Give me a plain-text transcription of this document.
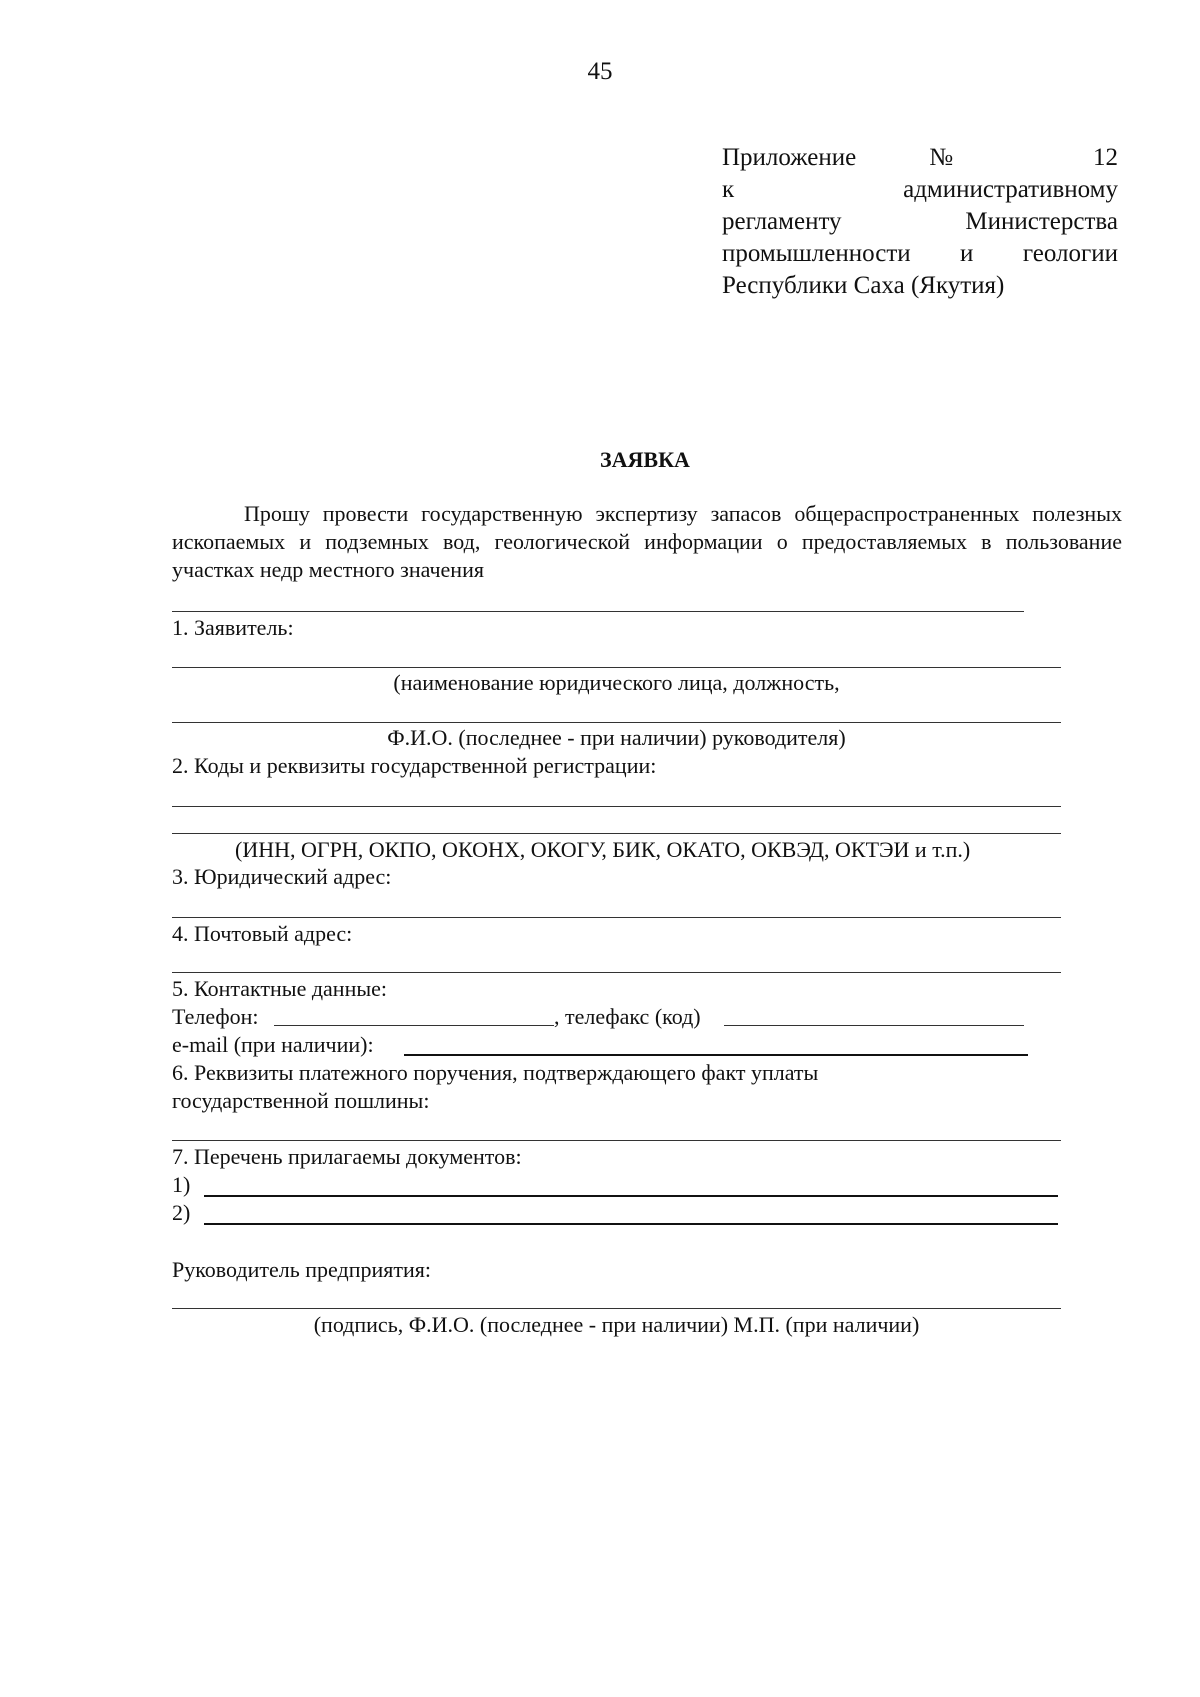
45
Приложение № 12
к административному
регламенту Министерства
промышленности и геологии
Республики Саха (Якутия)
ЗАЯВКА
Прошу провести государственную экспертизу запасов общераспространенных полезных ископаемых и подземных вод, геологической информации о предоставляемых в пользование участках недр местного значения
1. Заявитель:
(наименование юридического лица, должность,
Ф.И.О. (последнее - при наличии) руководителя)
2. Коды и реквизиты государственной регистрации:
(ИНН, ОГРН, ОКПО, ОКОНХ, ОКОГУ, БИК, ОКАТО, ОКВЭД, ОКТЭИ и т.п.)
3. Юридический адрес:
4. Почтовый адрес:
5. Контактные данные:
Телефон:	, телефакс (код)
e-mail (при наличии):
6. Реквизиты платежного поручения, подтверждающего факт уплаты
государственной пошлины:
7. Перечень прилагаемы документов:
1)
2)
Руководитель предприятия:
(подпись, Ф.И.О. (последнее - при наличии) М.П. (при наличии)
